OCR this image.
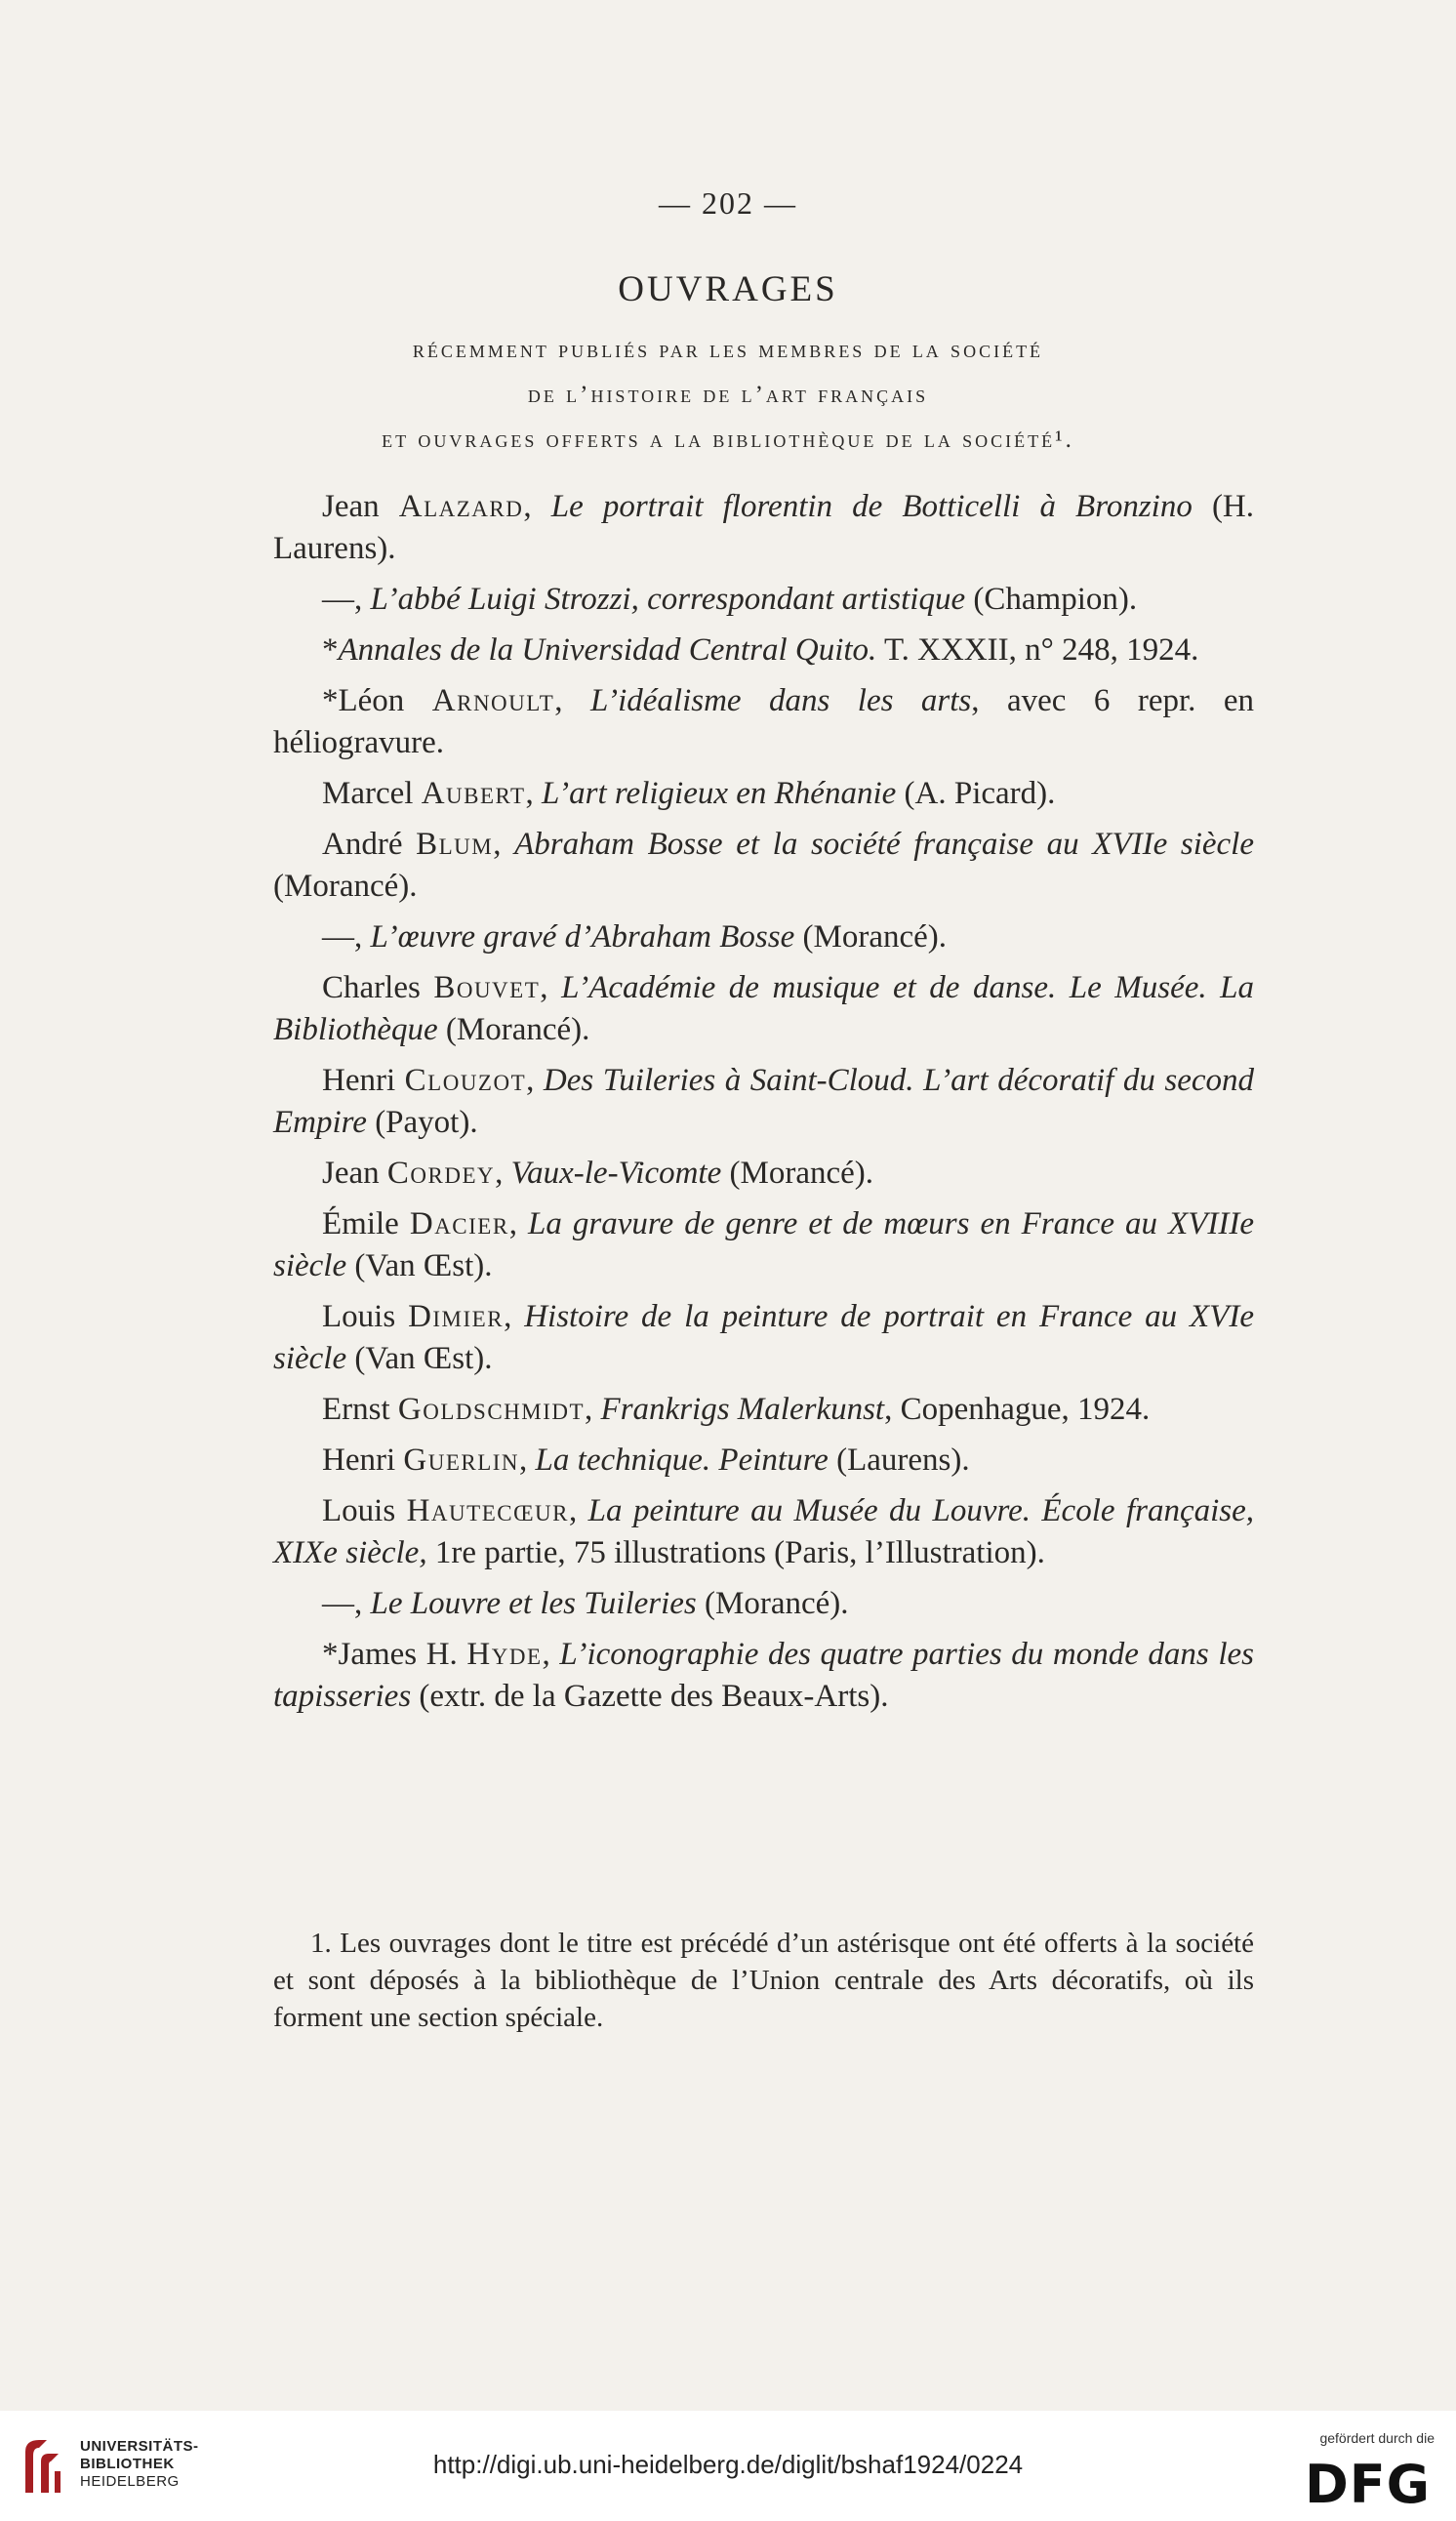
— 202 —
OUVRAGES
récemment publiés par les membres de la société
de l’histoire de l’art français
et ouvrages offerts a la bibliothèque de la société¹.

Jean Alazard, Le portrait florentin de Botticelli à Bronzino (H. Laurens).

—, L’abbé Luigi Strozzi, correspondant artistique (Champion).

*Annales de la Universidad Central Quito. T. XXXII, n° 248, 1924.

*Léon Arnoult, L’idéalisme dans les arts, avec 6 repr. en héliogravure.

Marcel Aubert, L’art religieux en Rhénanie (A. Picard).

André Blum, Abraham Bosse et la société française au XVIIe siècle (Morancé).

—, L’œuvre gravé d’Abraham Bosse (Morancé).

Charles Bouvet, L’Académie de musique et de danse. Le Musée. La Bibliothèque (Morancé).

Henri Clouzot, Des Tuileries à Saint-Cloud. L’art décoratif du second Empire (Payot).

Jean Cordey, Vaux-le-Vicomte (Morancé).

Émile Dacier, La gravure de genre et de mœurs en France au XVIIIe siècle (Van Œst).

Louis Dimier, Histoire de la peinture de portrait en France au XVIe siècle (Van Œst).

Ernst Goldschmidt, Frankrigs Malerkunst, Copenhague, 1924.

Henri Guerlin, La technique. Peinture (Laurens).

Louis Hautecœur, La peinture au Musée du Louvre. École française, XIXe siècle, 1re partie, 75 illustrations (Paris, l’Illustration).

—, Le Louvre et les Tuileries (Morancé).

*James H. Hyde, L’iconographie des quatre parties du monde dans les tapisseries (extr. de la Gazette des Beaux-Arts).

1. Les ouvrages dont le titre est précédé d’un astérisque ont été offerts à la société et sont déposés à la bibliothèque de l’Union centrale des Arts décoratifs, où ils forment une section spéciale.
UNIVERSITÄTS-
BIBLIOTHEK
HEIDELBERG
http://digi.ub.uni-heidelberg.de/diglit/bshaf1924/0224
gefördert durch die
DFG
